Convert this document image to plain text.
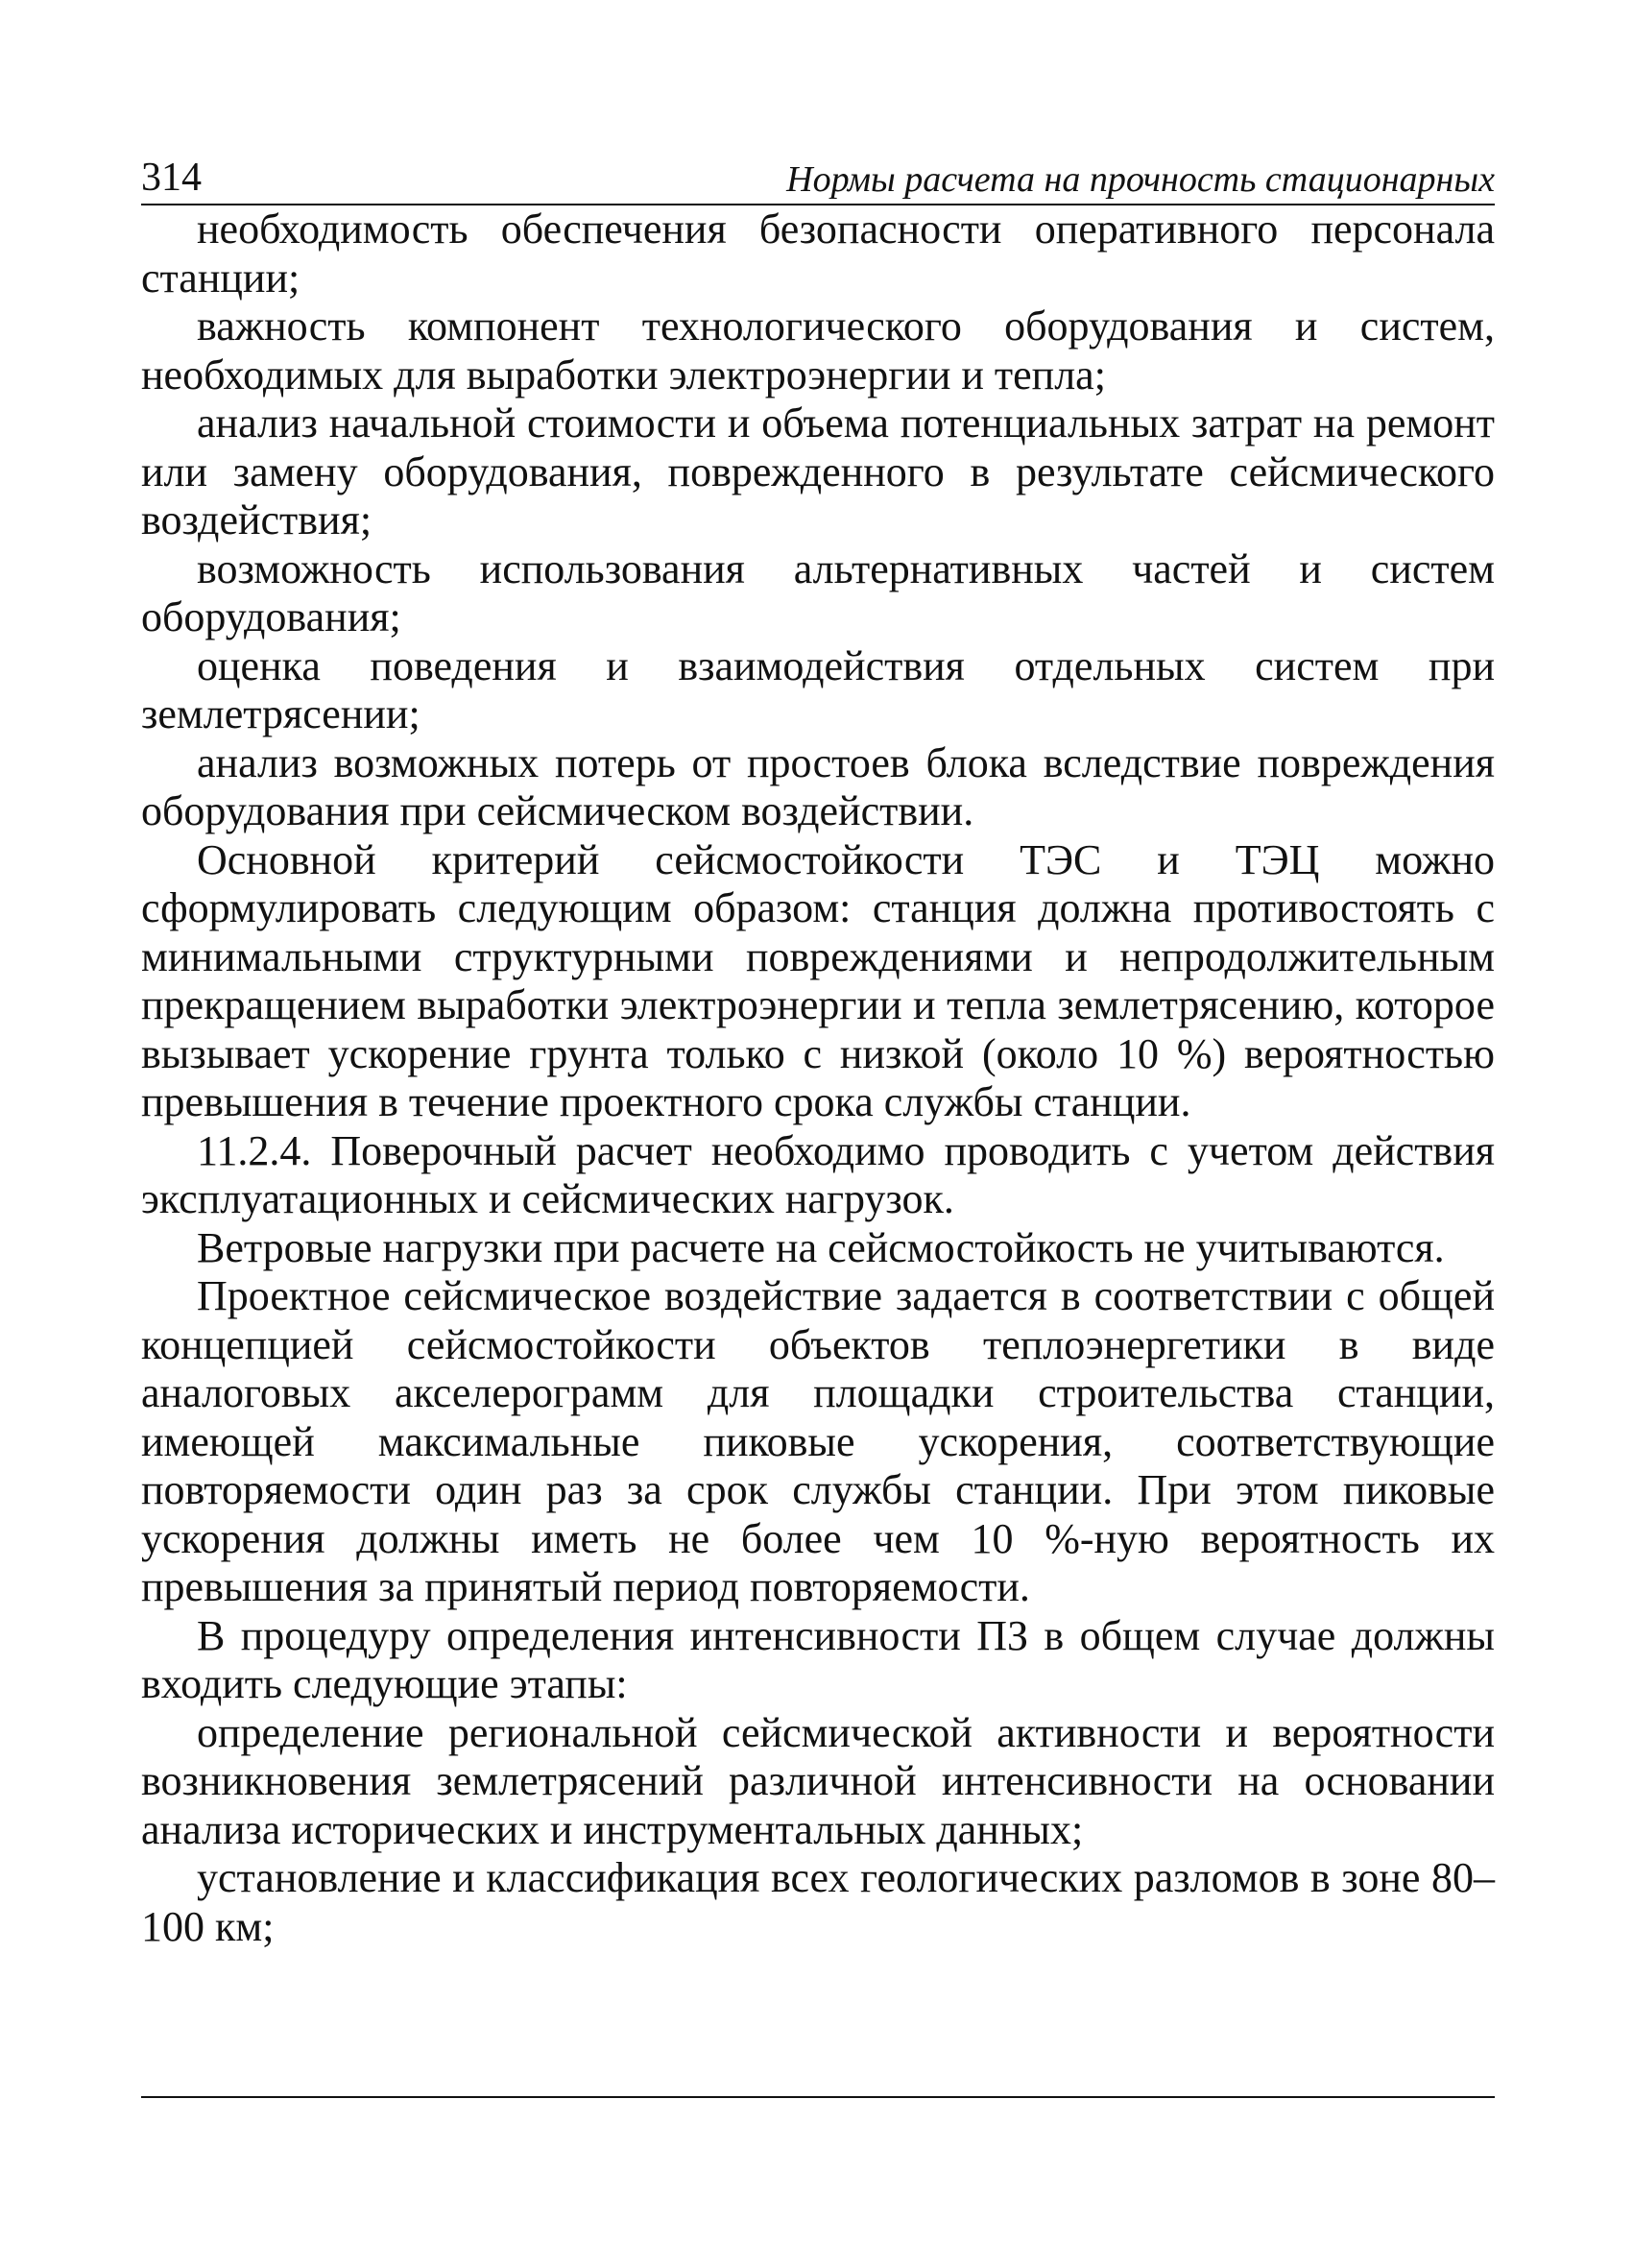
314	Нормы расчета на прочность стационарных

необходимость обеспечения безопасности оперативного персонала станции;

важность компонент технологического оборудования и систем, необходимых для выработки электроэнергии и тепла;

анализ начальной стоимости и объема потенциальных затрат на ремонт или замену оборудования, поврежденного в результате сейсмического воздействия;

возможность использования альтернативных частей и систем оборудования;

оценка поведения и взаимодействия отдельных систем при землетрясении;

анализ возможных потерь от простоев блока вследствие повреждения оборудования при сейсмическом воздействии.

Основной критерий сейсмостойкости ТЭС и ТЭЦ можно сформулировать следующим образом: станция должна противостоять с минимальными структурными повреждениями и непродолжительным прекращением выработки электроэнергии и тепла землетрясению, которое вызывает ускорение грунта только с низкой (около 10 %) вероятностью превышения в течение проектного срока службы станции.

11.2.4. Поверочный расчет необходимо проводить с учетом действия эксплуатационных и сейсмических нагрузок.

Ветровые нагрузки при расчете на сейсмостойкость не учитываются.

Проектное сейсмическое воздействие задается в соответствии с общей концепцией сейсмостойкости объектов теплоэнергетики в виде аналоговых акселерограмм для площадки строительства станции, имеющей максимальные пиковые ускорения, соответствующие повторяемости один раз за срок службы станции. При этом пиковые ускорения должны иметь не более чем 10 %-ную вероятность их превышения за принятый период повторяемости.

В процедуру определения интенсивности ПЗ в общем случае должны входить следующие этапы:

определение региональной сейсмической активности и вероятности возникновения землетрясений различной интенсивности на основании анализа исторических и инструментальных данных;

установление и классификация всех геологических разломов в зоне 80–100 км;
